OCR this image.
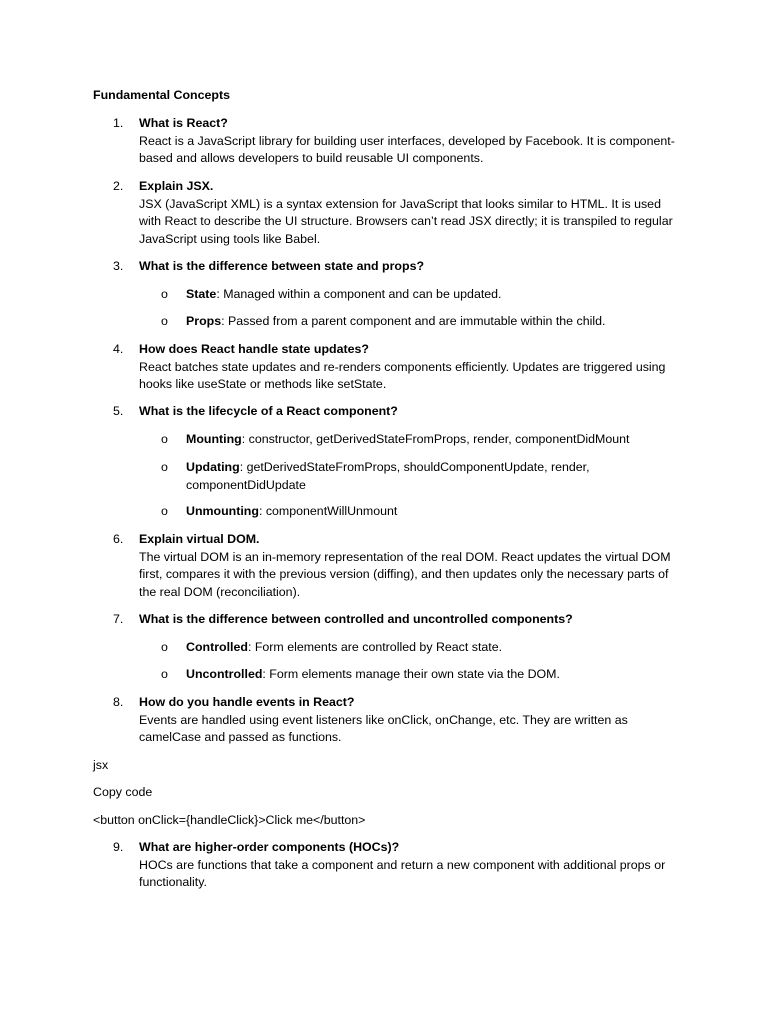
Fundamental Concepts
1. What is React?
React is a JavaScript library for building user interfaces, developed by Facebook. It is component-based and allows developers to build reusable UI components.
2. Explain JSX.
JSX (JavaScript XML) is a syntax extension for JavaScript that looks similar to HTML. It is used with React to describe the UI structure. Browsers can’t read JSX directly; it is transpiled to regular JavaScript using tools like Babel.
3. What is the difference between state and props?
o State: Managed within a component and can be updated.
o Props: Passed from a parent component and are immutable within the child.
4. How does React handle state updates?
React batches state updates and re-renders components efficiently. Updates are triggered using hooks like useState or methods like setState.
5. What is the lifecycle of a React component?
o Mounting: constructor, getDerivedStateFromProps, render, componentDidMount
o Updating: getDerivedStateFromProps, shouldComponentUpdate, render, componentDidUpdate
o Unmounting: componentWillUnmount
6. Explain virtual DOM.
The virtual DOM is an in-memory representation of the real DOM. React updates the virtual DOM first, compares it with the previous version (diffing), and then updates only the necessary parts of the real DOM (reconciliation).
7. What is the difference between controlled and uncontrolled components?
o Controlled: Form elements are controlled by React state.
o Uncontrolled: Form elements manage their own state via the DOM.
8. How do you handle events in React?
Events are handled using event listeners like onClick, onChange, etc. They are written as camelCase and passed as functions.
jsx
Copy code
<button onClick={handleClick}>Click me</button>
9. What are higher-order components (HOCs)?
HOCs are functions that take a component and return a new component with additional props or functionality.
